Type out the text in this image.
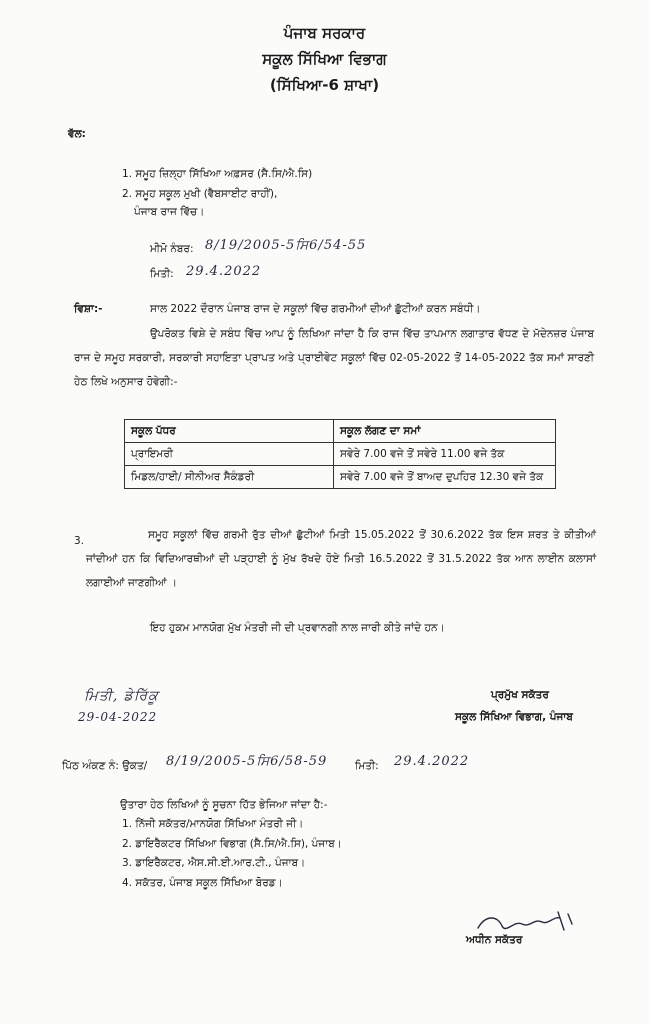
ਪੰਜਾਬ ਸਰਕਾਰ
ਸਕੂਲ ਸਿੱਖਿਆ ਵਿਭਾਗ
(ਸਿੱਖਿਆ-6 ਸ਼ਾਖਾ)
ਵੱਲ:
1. ਸਮੂਹ ਜ਼ਿਲ੍ਹਾ ਸਿੱਖਿਆ ਅਫ਼ਸਰ (ਸੈ.ਸਿ/ਐ.ਸਿ)
2. ਸਮੂਹ ਸਕੂਲ ਮੁਖੀ (ਵੈਬਸਾਈਟ ਰਾਹੀਂ),
ਪੰਜਾਬ ਰਾਜ ਵਿੱਚ।
ਮੀਮੋ ਨੰਬਰ: 8/19/2005-5ਸਿ6/54-55
ਮਿਤੀ: 29.4.2022
ਵਿਸ਼ਾ:-	ਸਾਲ 2022 ਦੌਰਾਨ ਪੰਜਾਬ ਰਾਜ ਦੇ ਸਕੂਲਾਂ ਵਿੱਚ ਗਰਮੀਆਂ ਦੀਆਂ ਛੁੱਟੀਆਂ ਕਰਨ ਸਬੰਧੀ।
ਉਪਰੋਕਤ ਵਿਸ਼ੇ ਦੇ ਸਬੰਧ ਵਿੱਚ ਆਪ ਨੂੰ ਲਿਖਿਆ ਜਾਂਦਾ ਹੈ ਕਿ ਰਾਜ ਵਿੱਚ ਤਾਪਮਾਨ ਲਗਾਤਾਰ ਵੱਧਣ ਦੇ ਮੱਦੇਨਜ਼ਰ ਪੰਜਾਬ ਰਾਜ ਦੇ ਸਮੂਹ ਸਰਕਾਰੀ, ਸਰਕਾਰੀ ਸਹਾਇਤਾ ਪ੍ਰਾਪਤ ਅਤੇ ਪ੍ਰਾਈਵੇਟ ਸਕੂਲਾਂ ਵਿੱਚ 02-05-2022 ਤੋਂ 14-05-2022 ਤੱਕ ਸਮਾਂ ਸਾਰਣੀ ਹੇਠ ਲਿਖੇ ਅਨੁਸਾਰ ਹੋਵੇਗੀ:-
ਸਕੂਲ ਪੱਧਰ	ਸਕੂਲ ਲੱਗਣ ਦਾ ਸਮਾਂ
ਪ੍ਰਾਇਮਰੀ	ਸਵੇਰੇ 7.00 ਵਜੇ ਤੋਂ ਸਵੇਰੇ 11.00 ਵਜੇ ਤੱਕ
ਮਿਡਲ/ਹਾਈ/ ਸੀਨੀਅਰ ਸੈਕੰਡਰੀ	ਸਵੇਰੇ 7.00 ਵਜੇ ਤੋਂ ਬਾਅਦ ਦੁਪਹਿਰ 12.30 ਵਜੇ ਤੱਕ
3.	ਸਮੂਹ ਸਕੂਲਾਂ ਵਿੱਚ ਗਰਮੀ ਰੁੱਤ ਦੀਆਂ ਛੁੱਟੀਆਂ ਮਿਤੀ 15.05.2022 ਤੋਂ 30.6.2022 ਤੱਕ ਇਸ ਸ਼ਰਤ ਤੇ ਕੀਤੀਆਂ ਜਾਂਦੀਆਂ ਹਨ ਕਿ ਵਿਦਿਆਰਥੀਆਂ ਦੀ ਪੜ੍ਹਾਈ ਨੂੰ ਮੁੱਖ ਰੱਖਦੇ ਹੋਏ ਮਿਤੀ 16.5.2022 ਤੋਂ 31.5.2022 ਤੱਕ ਆਨ ਲਾਈਨ ਕਲਾਸਾਂ ਲਗਾਈਆਂ ਜਾਣਗੀਆਂ ।
ਇਹ ਹੁਕਮ ਮਾਨਯੋਗ ਮੁੱਖ ਮੰਤਰੀ ਜੀ ਦੀ ਪ੍ਰਵਾਨਗੀ ਨਾਲ ਜਾਰੀ ਕੀਤੇ ਜਾਂਦੇ ਹਨ।
ਮਿਤੀ, ਡੇਰਿੱਕੂ
29-04-2022
ਪ੍ਰਮੁੱਖ ਸਕੱਤਰ
ਸਕੂਲ ਸਿੱਖਿਆ ਵਿਭਾਗ, ਪੰਜਾਬ
ਪਿੱਠ ਅੰਕਣ ਨੰ: ਉਕਤ/ 8/19/2005-5ਸਿ6/58-59	ਮਿਤੀ: 29.4.2022
ਉਤਾਰਾ ਹੇਠ ਲਿਖਿਆਂ ਨੂੰ ਸੂਚਨਾ ਹਿੱਤ ਭੇਜਿਆ ਜਾਂਦਾ ਹੈ:-
1. ਨਿੱਜੀ ਸਕੱਤਰ/ਮਾਨਯੋਗ ਸਿੱਖਿਆ ਮੰਤਰੀ ਜੀ।
2. ਡਾਇਰੈਕਟਰ ਸਿੱਖਿਆ ਵਿਭਾਗ (ਸੈ.ਸਿ/ਐ.ਸਿ), ਪੰਜਾਬ।
3. ਡਾਇਰੈਕਟਰ, ਐਸ.ਸੀ.ਈ.ਆਰ.ਟੀ., ਪੰਜਾਬ।
4. ਸਕੱਤਰ, ਪੰਜਾਬ ਸਕੂਲ ਸਿੱਖਿਆ ਬੋਰਡ।
ਅਧੀਨ ਸਕੱਤਰ
